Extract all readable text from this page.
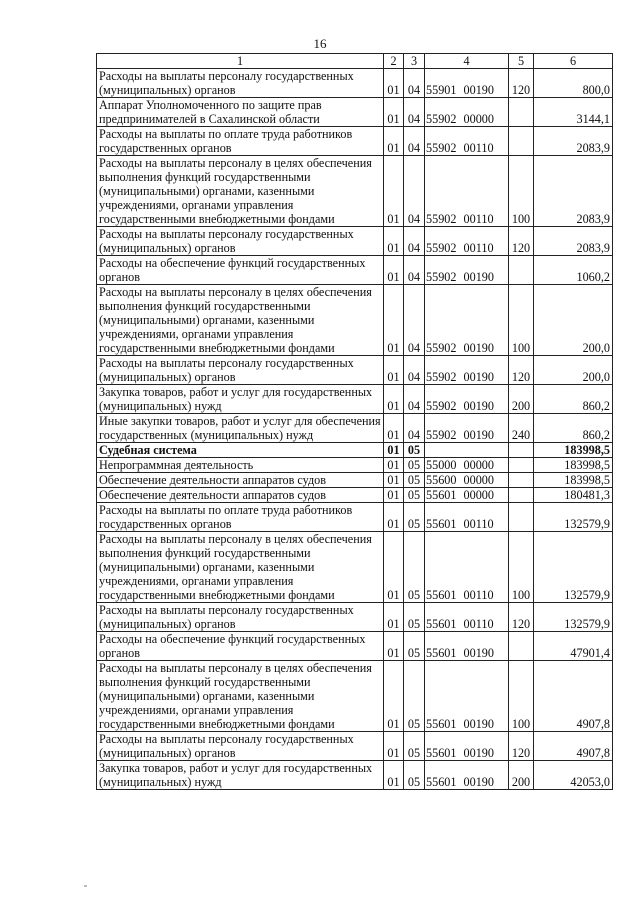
16
1	2	3	4	5	6
Расходы на выплаты персоналу государственных (муниципальных) органов	01	04	55901 00190	120	800,0
Аппарат Уполномоченного по защите прав предпринимателей в Сахалинской области	01	04	55902 00000		3144,1
Расходы на выплаты по оплате труда работников государственных органов	01	04	55902 00110		2083,9
Расходы на выплаты персоналу в целях обеспечения выполнения функций государственными (муниципальными) органами, казенными учреждениями, органами управления государственными внебюджетными фондами	01	04	55902 00110	100	2083,9
Расходы на выплаты персоналу государственных (муниципальных) органов	01	04	55902 00110	120	2083,9
Расходы на обеспечение функций государственных органов	01	04	55902 00190		1060,2
Расходы на выплаты персоналу в целях обеспечения выполнения функций государственными (муниципальными) органами, казенными учреждениями, органами управления государственными внебюджетными фондами	01	04	55902 00190	100	200,0
Расходы на выплаты персоналу государственных (муниципальных) органов	01	04	55902 00190	120	200,0
Закупка товаров, работ и услуг для государственных (муниципальных) нужд	01	04	55902 00190	200	860,2
Иные закупки товаров, работ и услуг для обеспечения государственных (муниципальных) нужд	01	04	55902 00190	240	860,2
Судебная система	01	05			183998,5
Непрограммная деятельность	01	05	55000 00000		183998,5
Обеспечение деятельности аппаратов судов	01	05	55600 00000		183998,5
Обеспечение деятельности аппаратов судов	01	05	55601 00000		180481,3
Расходы на выплаты по оплате труда работников государственных органов	01	05	55601 00110		132579,9
Расходы на выплаты персоналу в целях обеспечения выполнения функций государственными (муниципальными) органами, казенными учреждениями, органами управления государственными внебюджетными фондами	01	05	55601 00110	100	132579,9
Расходы на выплаты персоналу государственных (муниципальных) органов	01	05	55601 00110	120	132579,9
Расходы на обеспечение функций государственных органов	01	05	55601 00190		47901,4
Расходы на выплаты персоналу в целях обеспечения выполнения функций государственными (муниципальными) органами, казенными учреждениями, органами управления государственными внебюджетными фондами	01	05	55601 00190	100	4907,8
Расходы на выплаты персоналу государственных (муниципальных) органов	01	05	55601 00190	120	4907,8
Закупка товаров, работ и услуг для государственных (муниципальных) нужд	01	05	55601 00190	200	42053,0
